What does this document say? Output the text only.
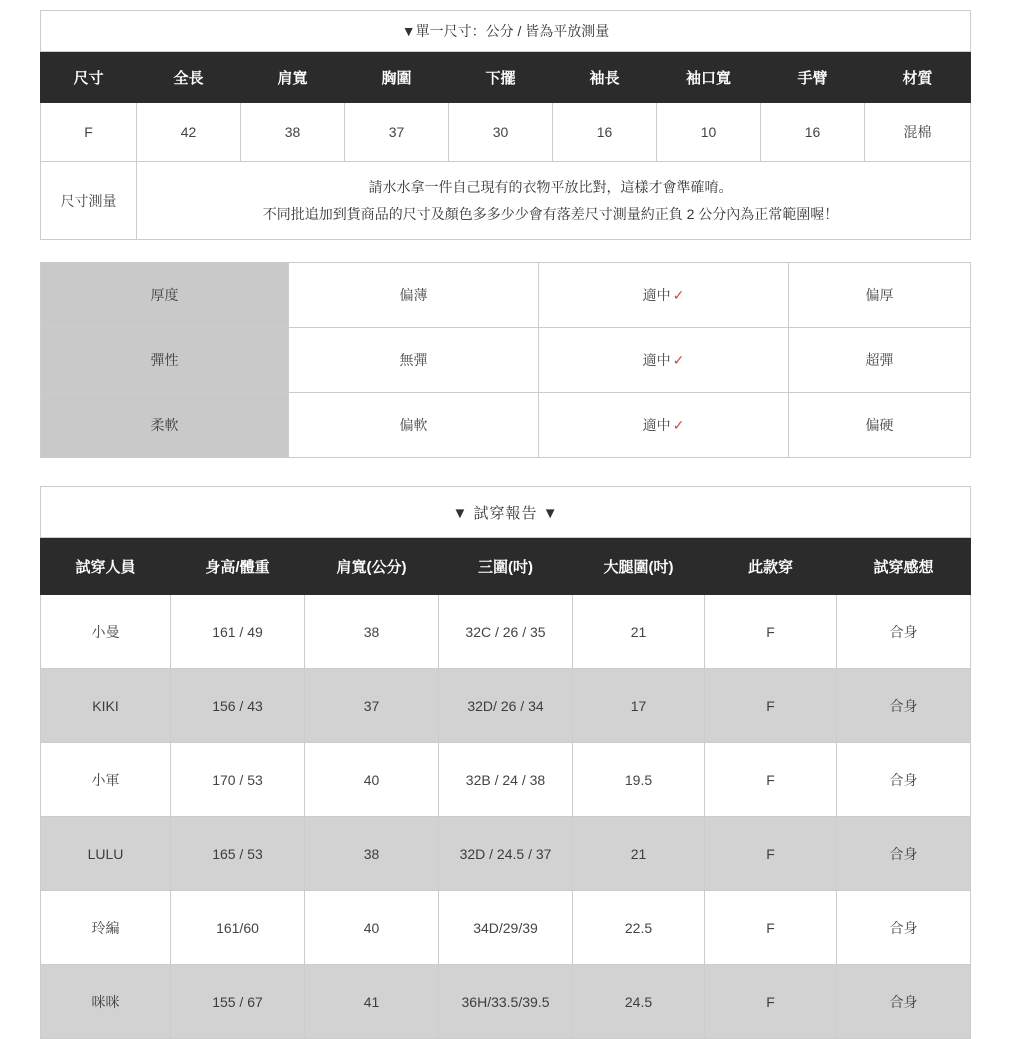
▼單一尺寸：公分 / 皆為平放測量								
尺寸	全長	肩寬	胸圍	下擺	袖長	袖口寬	手臂	材質
F	42	38	37	30	16	10	16	混棉
尺寸測量	請水水拿一件自己現有的衣物平放比對，這樣才會準確唷。
不同批追加到貨商品的尺寸及顏色多多少少會有落差尺寸測量約正負 2 公分內為正常範圍喔！							
厚度	偏薄	適中 ✓	偏厚
彈性	無彈	適中 ✓	超彈
柔軟	偏軟	適中 ✓	偏硬
▼ 試穿報告 ▼						
試穿人員	身高/體重	肩寬(公分)	三圍(吋)	大腿圍(吋)	此款穿	試穿感想
小曼	161 / 49	38	32C / 26 / 35	21	F	合身
KIKI	156 / 43	37	32D/ 26 / 34	17	F	合身
小軍	170 / 53	40	32B / 24 / 38	19.5	F	合身
LULU	165 / 53	38	32D / 24.5 / 37	21	F	合身
玲編	161/60	40	34D/29/39	22.5	F	合身
咪咪	155 / 67	41	36H/33.5/39.5	24.5	F	合身
